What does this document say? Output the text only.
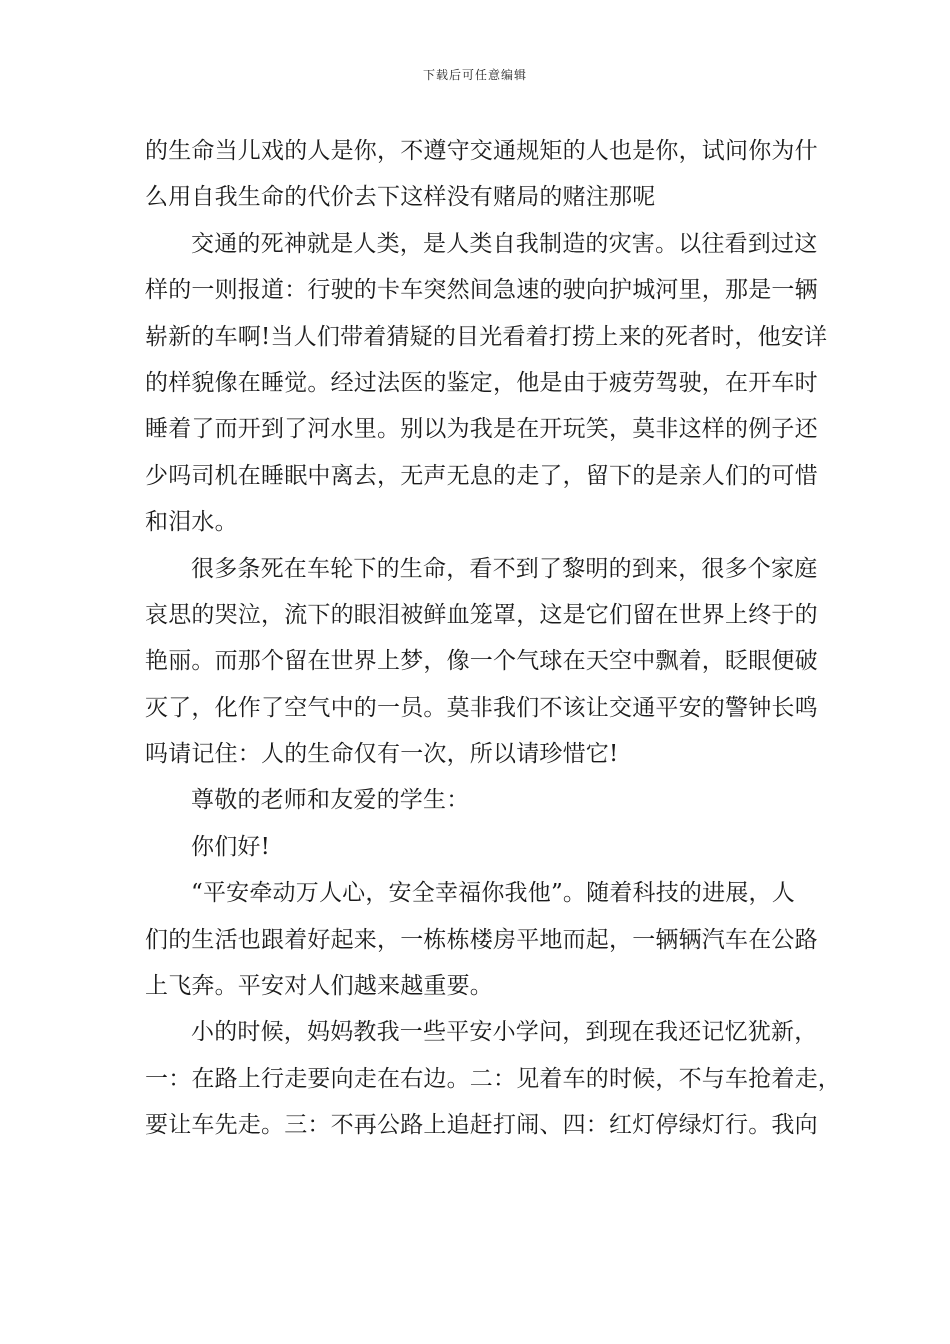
下载后可任意编辑
的生命当儿戏的人是你，不遵守交通规矩的人也是你，试问你为什
么用自我生命的代价去下这样没有赌局的赌注那呢
交通的死神就是人类，是人类自我制造的灾害。以往看到过这
样的一则报道：行驶的卡车突然间急速的驶向护城河里，那是一辆
崭新的车啊!当人们带着猜疑的目光看着打捞上来的死者时，他安详
的样貌像在睡觉。经过法医的鉴定，他是由于疲劳驾驶，在开车时
睡着了而开到了河水里。别以为我是在开玩笑，莫非这样的例子还
少吗司机在睡眠中离去，无声无息的走了，留下的是亲人们的可惜
和泪水。
很多条死在车轮下的生命，看不到了黎明的到来，很多个家庭
哀思的哭泣，流下的眼泪被鲜血笼罩，这是它们留在世界上终于的
艳丽。而那个留在世界上梦，像一个气球在天空中飘着，眨眼便破
灭了，化作了空气中的一员。莫非我们不该让交通平安的警钟长鸣
吗请记住：人的生命仅有一次，所以请珍惜它!
尊敬的老师和友爱的学生：
你们好!
“平安牵动万人心，安全幸福你我他”。随着科技的进展，人
们的生活也跟着好起来，一栋栋楼房平地而起，一辆辆汽车在公路
上飞奔。平安对人们越来越重要。
小的时候，妈妈教我一些平安小学问，到现在我还记忆犹新，
一：在路上行走要向走在右边。二：见着车的时候，不与车抢着走，
要让车先走。三：不再公路上追赶打闹、四：红灯停绿灯行。我向
